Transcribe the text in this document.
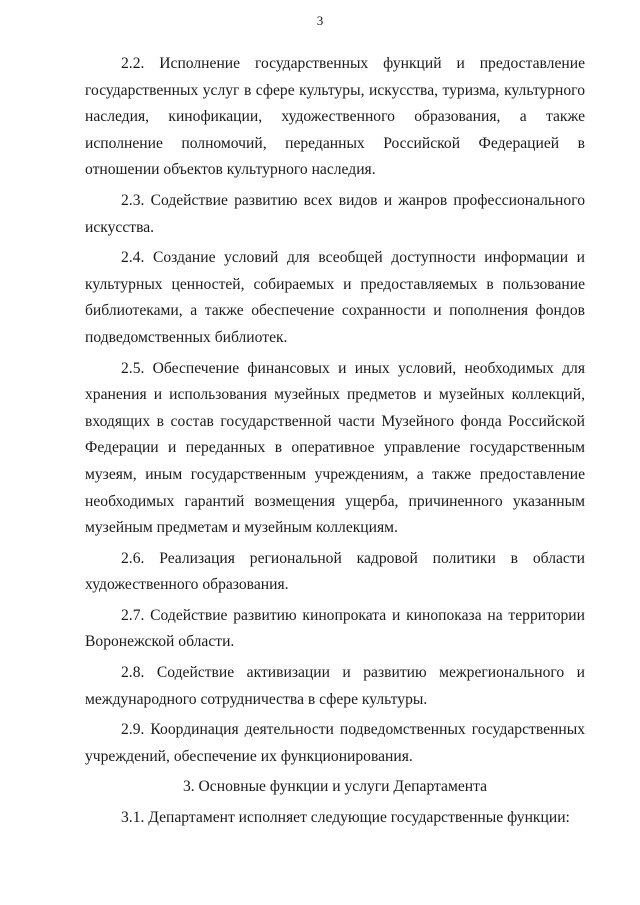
3

2.2. Исполнение государственных функций и предоставление государственных услуг в сфере культуры, искусства, туризма, культурного наследия, кинофикации, художественного образования, а также исполнение полномочий, переданных Российской Федерацией в отношении объектов культурного наследия.

2.3. Содействие развитию всех видов и жанров профессионального искусства.

2.4. Создание условий для всеобщей доступности информации и культурных ценностей, собираемых и предоставляемых в пользование библиотеками, а также обеспечение сохранности и пополнения фондов подведомственных библиотек.

2.5. Обеспечение финансовых и иных условий, необходимых для хранения и использования музейных предметов и музейных коллекций, входящих в состав государственной части Музейного фонда Российской Федерации и переданных в оперативное управление государственным музеям, иным государственным учреждениям, а также предоставление необходимых гарантий возмещения ущерба, причиненного указанным музейным предметам и музейным коллекциям.

2.6. Реализация региональной кадровой политики в области художественного образования.

2.7. Содействие развитию кинопроката и кинопоказа на территории Воронежской области.

2.8. Содействие активизации и развитию межрегионального и международного сотрудничества в сфере культуры.

2.9. Координация деятельности подведомственных государственных учреждений, обеспечение их функционирования.

3. Основные функции и услуги Департамента

3.1. Департамент исполняет следующие государственные функции:
